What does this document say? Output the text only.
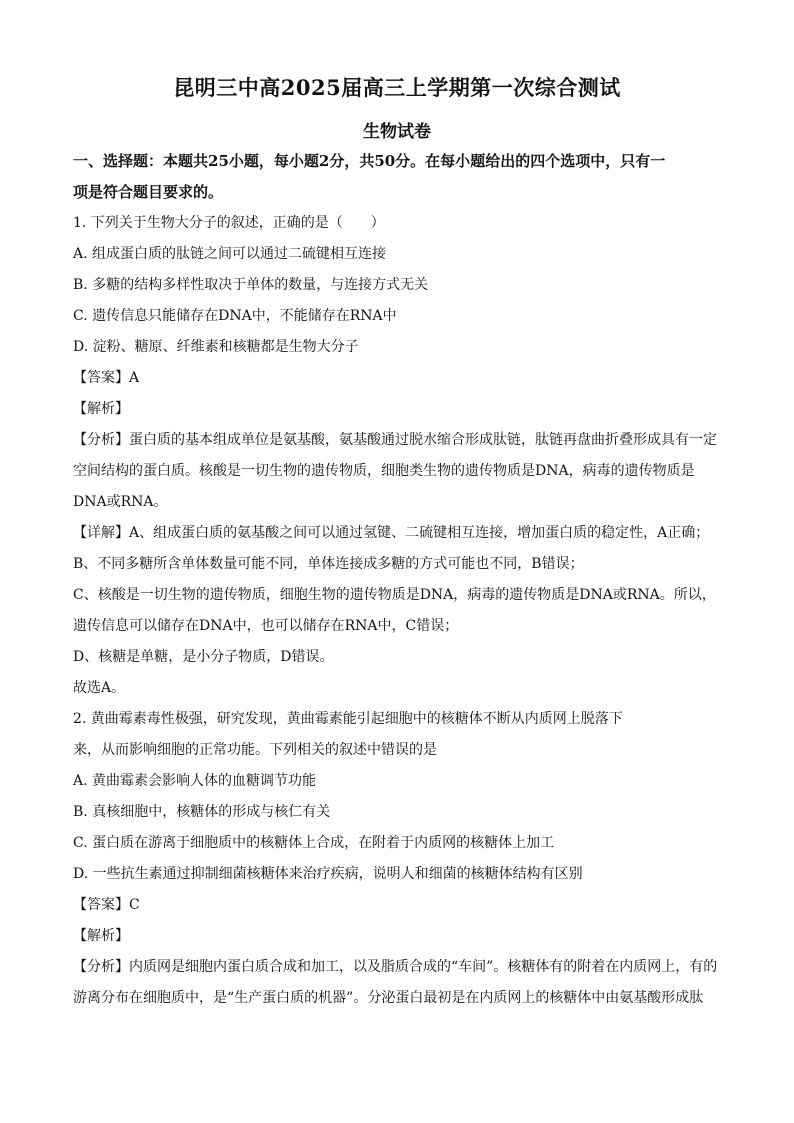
昆明三中高2025届高三上学期第一次综合测试
生物试卷
一、选择题：本题共25小题，每小题2分，共50分。在每小题给出的四个选项中，只有一
项是符合题目要求的。
1. 下列关于生物大分子的叙述，正确的是（　　）
A. 组成蛋白质的肽链之间可以通过二硫键相互连接
B. 多糖的结构多样性取决于单体的数量，与连接方式无关
C. 遗传信息只能储存在DNA中，不能储存在RNA中
D. 淀粉、糖原、纤维素和核糖都是生物大分子
【答案】A
【解析】
【分析】蛋白质的基本组成单位是氨基酸，氨基酸通过脱水缩合形成肽链，肽链再盘曲折叠形成具有一定
空间结构的蛋白质。核酸是一切生物的遗传物质，细胞类生物的遗传物质是DNA，病毒的遗传物质是
DNA或RNA。
【详解】A、组成蛋白质的氨基酸之间可以通过氢键、二硫键相互连接，增加蛋白质的稳定性，A正确；
B、不同多糖所含单体数量可能不同，单体连接成多糖的方式可能也不同，B错误；
C、核酸是一切生物的遗传物质，细胞生物的遗传物质是DNA，病毒的遗传物质是DNA或RNA。所以，
遗传信息可以储存在DNA中，也可以储存在RNA中，C错误；
D、核糖是单糖，是小分子物质，D错误。
故选A。
2. 黄曲霉素毒性极强，研究发现，黄曲霉素能引起细胞中的核糖体不断从内质网上脱落下
来，从而影响细胞的正常功能。下列相关的叙述中错误的是
A. 黄曲霉素会影响人体的血糖调节功能
B. 真核细胞中，核糖体的形成与核仁有关
C. 蛋白质在游离于细胞质中的核糖体上合成，在附着于内质网的核糖体上加工
D. 一些抗生素通过抑制细菌核糖体来治疗疾病，说明人和细菌的核糖体结构有区别
【答案】C
【解析】
【分析】内质网是细胞内蛋白质合成和加工，以及脂质合成的“车间”。核糖体有的附着在内质网上，有的
游离分布在细胞质中，是“生产蛋白质的机器”。分泌蛋白最初是在内质网上的核糖体中由氨基酸形成肽
